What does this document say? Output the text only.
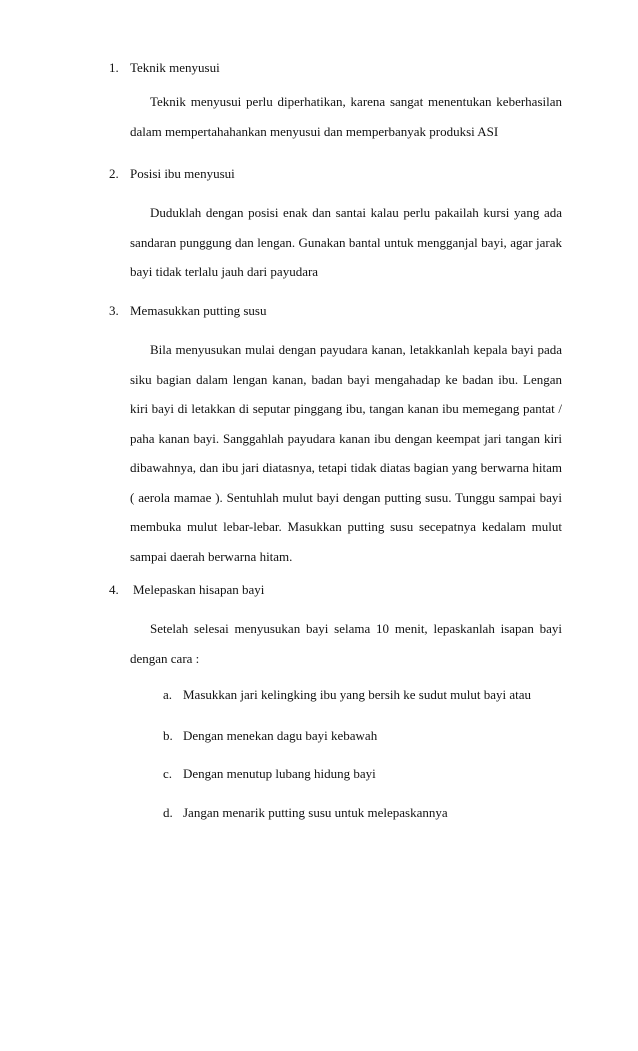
1. Teknik menyusui

Teknik menyusui perlu diperhatikan, karena sangat menentukan keberhasilan dalam mempertahahankan menyusui dan memperbanyak produksi ASI

2. Posisi ibu menyusui

Duduklah dengan posisi enak dan santai kalau perlu pakailah kursi yang ada sandaran punggung dan lengan. Gunakan bantal untuk mengganjal bayi, agar jarak bayi tidak terlalu jauh dari payudara

3. Memasukkan putting susu

Bila menyusukan mulai dengan payudara kanan, letakkanlah kepala bayi pada siku bagian dalam lengan kanan, badan bayi mengahadap ke badan ibu. Lengan kiri bayi di letakkan di seputar pinggang ibu, tangan kanan ibu memegang pantat / paha kanan bayi. Sanggahlah payudara kanan ibu dengan keempat jari tangan kiri dibawahnya, dan ibu jari diatasnya, tetapi tidak diatas bagian yang berwarna hitam ( aerola mamae ). Sentuhlah mulut bayi dengan putting susu. Tunggu sampai bayi membuka mulut lebar-lebar. Masukkan putting susu secepatnya kedalam mulut sampai daerah berwarna hitam.

4. Melepaskan hisapan bayi

Setelah selesai menyusukan bayi selama 10 menit, lepaskanlah isapan bayi dengan cara :

a. Masukkan jari kelingking ibu yang bersih ke sudut mulut bayi atau
b. Dengan menekan dagu bayi kebawah
c. Dengan menutup lubang hidung bayi
d. Jangan menarik putting susu untuk melepaskannya
